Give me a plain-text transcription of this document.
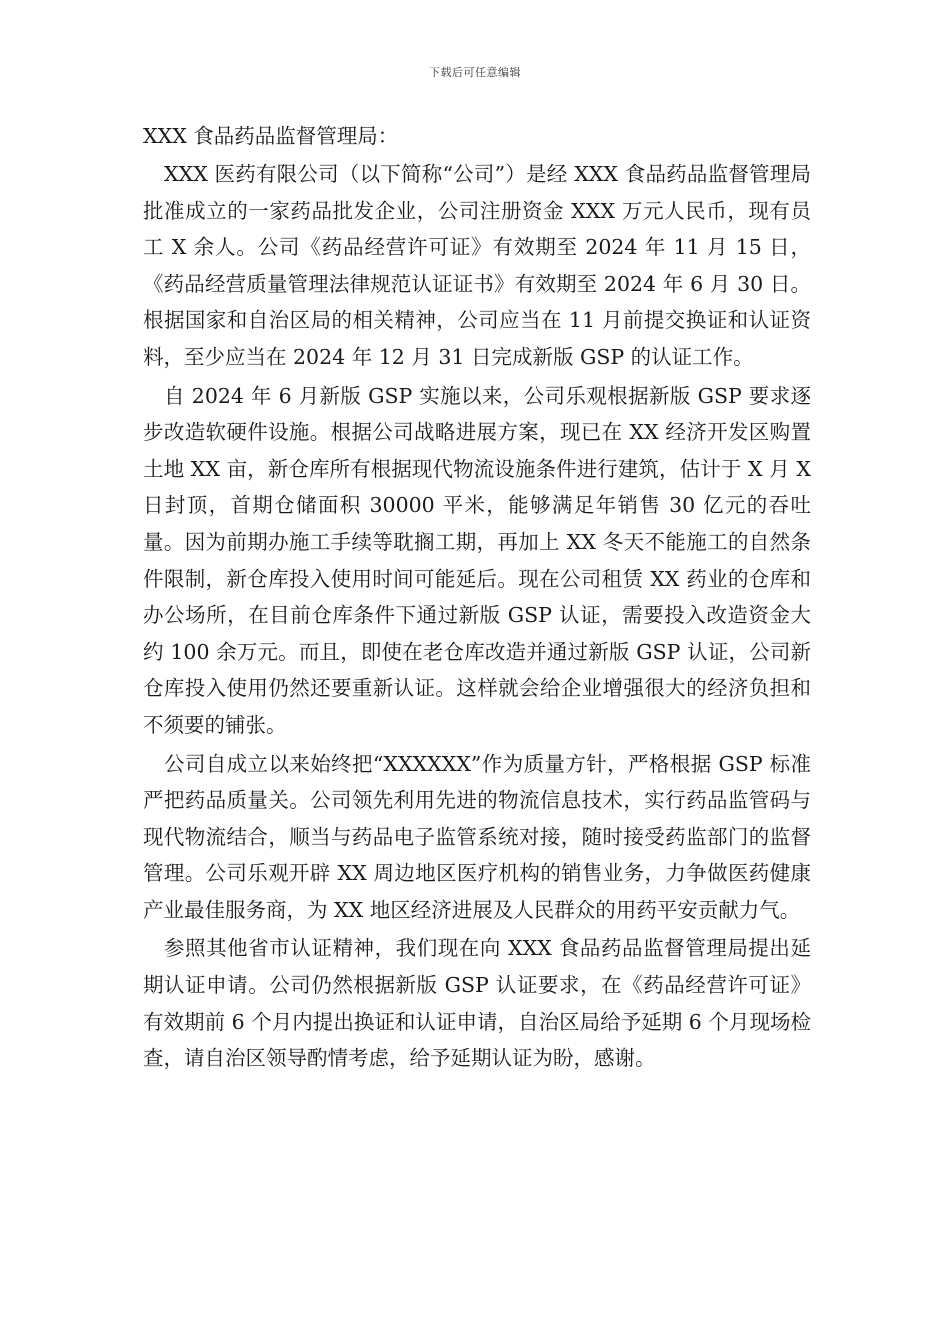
下载后可任意编辑
XXX 食品药品监督管理局：

XXX 医药有限公司（以下简称“公司”）是经 XXX 食品药品监督管理局批准成立的一家药品批发企业，公司注册资金 XXX 万元人民币，现有员工 X 余人。公司《药品经营许可证》有效期至 2024 年 11 月 15 日，《药品经营质量管理法律规范认证证书》有效期至 2024 年 6 月 30 日。根据国家和自治区局的相关精神，公司应当在 11 月前提交换证和认证资料，至少应当在 2024 年 12 月 31 日完成新版 GSP 的认证工作。

自 2024 年 6 月新版 GSP 实施以来，公司乐观根据新版 GSP 要求逐步改造软硬件设施。根据公司战略进展方案，现已在 XX 经济开发区购置土地 XX 亩，新仓库所有根据现代物流设施条件进行建筑，估计于 X 月 X 日封顶，首期仓储面积 30000 平米，能够满足年销售 30 亿元的吞吐量。因为前期办施工手续等耽搁工期，再加上 XX 冬天不能施工的自然条件限制，新仓库投入使用时间可能延后。现在公司租赁 XX 药业的仓库和办公场所，在目前仓库条件下通过新版 GSP 认证，需要投入改造资金大约 100 余万元。而且，即使在老仓库改造并通过新版 GSP 认证，公司新仓库投入使用仍然还要重新认证。这样就会给企业增强很大的经济负担和不须要的铺张。

公司自成立以来始终把“XXXXXX”作为质量方针，严格根据 GSP 标准严把药品质量关。公司领先利用先进的物流信息技术，实行药品监管码与现代物流结合，顺当与药品电子监管系统对接，随时接受药监部门的监督管理。公司乐观开辟 XX 周边地区医疗机构的销售业务，力争做医药健康产业最佳服务商，为 XX 地区经济进展及人民群众的用药平安贡献力气。

参照其他省市认证精神，我们现在向 XXX 食品药品监督管理局提出延期认证申请。公司仍然根据新版 GSP 认证要求，在《药品经营许可证》有效期前 6 个月内提出换证和认证申请，自治区局给予延期 6 个月现场检查，请自治区领导酌情考虑，给予延期认证为盼，感谢。
